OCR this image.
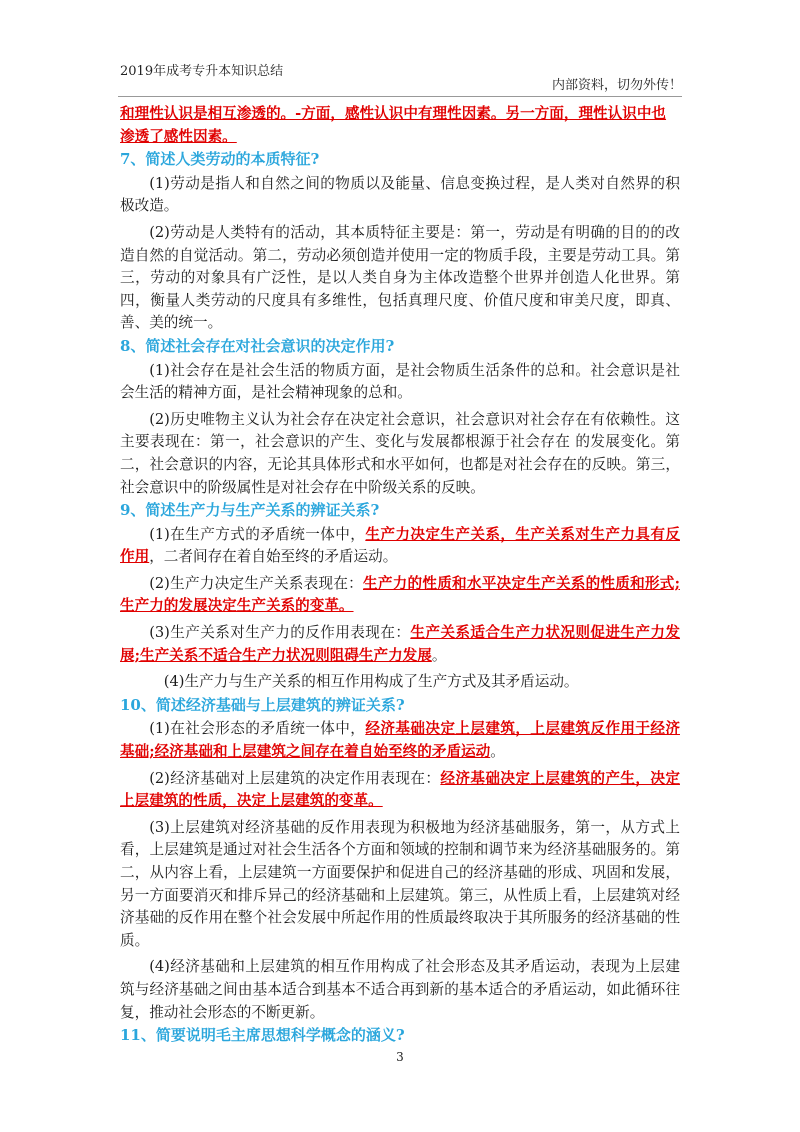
2019年成考专升本知识总结
内部资料，切勿外传！

和理性认识是相互渗透的。-方面，感性认识中有理性因素。另一方面，理性认识中也渗透了感性因素。

7、简述人类劳动的本质特征?

(1)劳动是指人和自然之间的物质以及能量、信息变换过程，是人类对自然界的积极改造。

(2)劳动是人类特有的活动，其本质特征主要是：第一，劳动是有明确的目的的改造自然的自觉活动。第二，劳动必须创造并使用一定的物质手段，主要是劳动工具。第三，劳动的对象具有广泛性，是以人类自身为主体改造整个世界并创造人化世界。第四，衡量人类劳动的尺度具有多维性，包括真理尺度、价值尺度和审美尺度，即真、善、美的统一。

8、简述社会存在对社会意识的决定作用?

(1)社会存在是社会生活的物质方面，是社会物质生活条件的总和。社会意识是社会生活的精神方面，是社会精神现象的总和。

(2)历史唯物主义认为社会存在决定社会意识，社会意识对社会存在有依赖性。这主要表现在：第一，社会意识的产生、变化与发展都根源于社会存在 的发展变化。第二，社会意识的内容，无论其具体形式和水平如何，也都是对社会存在的反映。第三，社会意识中的阶级属性是对社会存在中阶级关系的反映。

9、简述生产力与生产关系的辨证关系?

(1)在生产方式的矛盾统一体中，生产力决定生产关系，生产关系对生产力具有反作用，二者间存在着自始至终的矛盾运动。

(2)生产力决定生产关系表现在：生产力的性质和水平决定生产关系的性质和形式;生产力的发展决定生产关系的变革。

(3)生产关系对生产力的反作用表现在：生产关系适合生产力状况则促进生产力发展;生产关系不适合生产力状况则阻碍生产力发展。

(4)生产力与生产关系的相互作用构成了生产方式及其矛盾运动。

10、简述经济基础与上层建筑的辨证关系?

(1)在社会形态的矛盾统一体中，经济基础决定上层建筑，上层建筑反作用于经济基础;经济基础和上层建筑之间存在着自始至终的矛盾运动。

(2)经济基础对上层建筑的决定作用表现在：经济基础决定上层建筑的产生，决定上层建筑的性质，决定上层建筑的变革。

(3)上层建筑对经济基础的反作用表现为积极地为经济基础服务，第一，从方式上看，上层建筑是通过对社会生活各个方面和领域的控制和调节来为经济基础服务的。第二，从内容上看，上层建筑一方面要保护和促进自己的经济基础的形成、巩固和发展，另一方面要消灭和排斥异己的经济基础和上层建筑。第三，从性质上看，上层建筑对经济基础的反作用在整个社会发展中所起作用的性质最终取决于其所服务的经济基础的性质。

(4)经济基础和上层建筑的相互作用构成了社会形态及其矛盾运动，表现为上层建筑与经济基础之间由基本适合到基本不适合再到新的基本适合的矛盾运动，如此循环往复，推动社会形态的不断更新。

11、简要说明毛主席思想科学概念的涵义?

3
